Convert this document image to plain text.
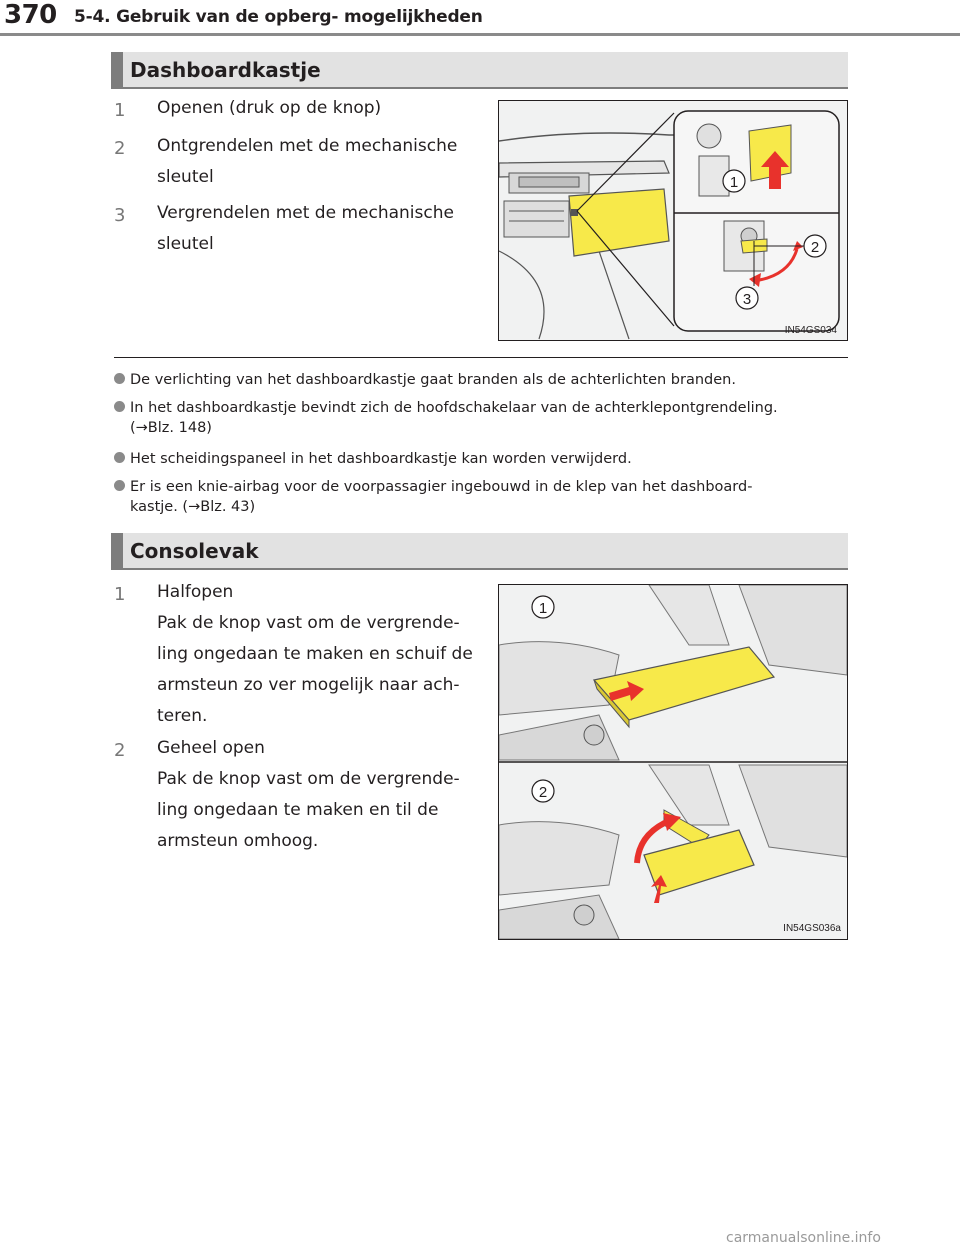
370 5-4. Gebruik van de opberg- mogelijkheden
Dashboardkastje
1 Openen (druk op de knop)

2 Ontgrendelen met de mechanische

sleutel

3 Vergrendelen met de mechanische

sleutel

1
2
3
IN54GS034

De verlichting van het dashboardkastje gaat branden als de achterlichten branden.

In het dashboardkastje bevindt zich de hoofdschakelaar van de achterklepontgrendeling.

(→Blz. 148)

Het scheidingspaneel in het dashboardkastje kan worden verwijderd.

Er is een knie-airbag voor de voorpassagier ingebouwd in de klep van het dashboard-

kastje. (→Blz. 43)

Consolevak
1 Halfopen

Pak de knop vast om de vergrende-

ling ongedaan te maken en schuif de

armsteun zo ver mogelijk naar ach-

teren.

2 Geheel open

Pak de knop vast om de vergrende-

ling ongedaan te maken en til de

armsteun omhoog.

1
2
IN54GS036a
carmanualsonline.info
